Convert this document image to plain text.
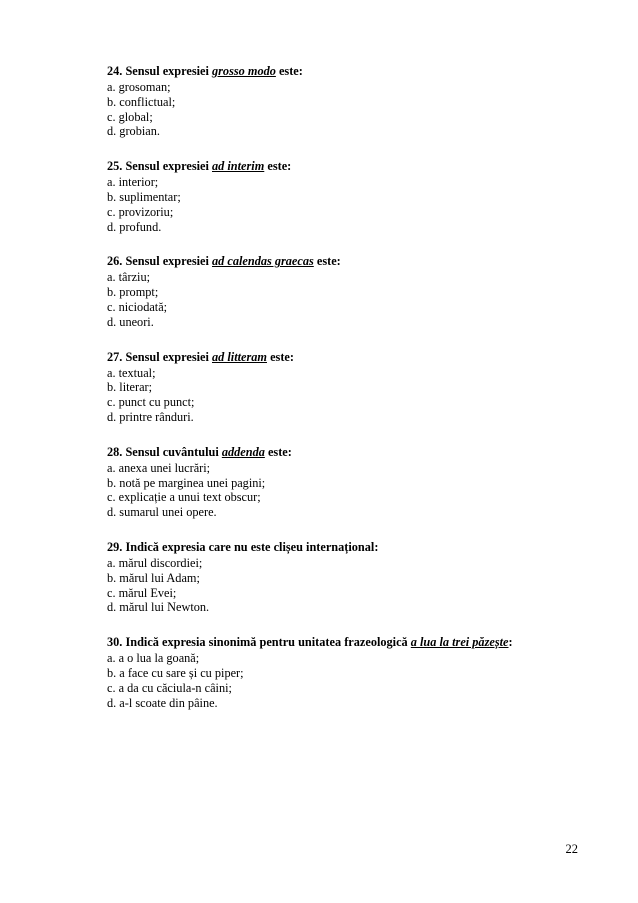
24. Sensul expresiei grosso modo este:
a. grosoman;
b. conflictual;
c. global;
d. grobian.
25. Sensul expresiei ad interim este:
a. interior;
b. suplimentar;
c. provizoriu;
d. profund.
26. Sensul expresiei ad calendas graecas este:
a. târziu;
b. prompt;
c. niciodată;
d. uneori.
27. Sensul expresiei ad litteram este:
a. textual;
b. literar;
c. punct cu punct;
d. printre rânduri.
28. Sensul cuvântului addenda este:
a. anexa unei lucrări;
b. notă pe marginea unei pagini;
c. explicație a unui text obscur;
d. sumarul unei opere.
29. Indică expresia care nu este clișeu internațional:
a. mărul discordiei;
b. mărul lui Adam;
c. mărul Evei;
d. mărul lui Newton.
30. Indică expresia sinonimă pentru unitatea frazeologică a lua la trei păzește:
a. a o lua la goană;
b. a face cu sare și cu piper;
c. a da cu căciula-n câini;
d. a-l scoate din pâine.
22
